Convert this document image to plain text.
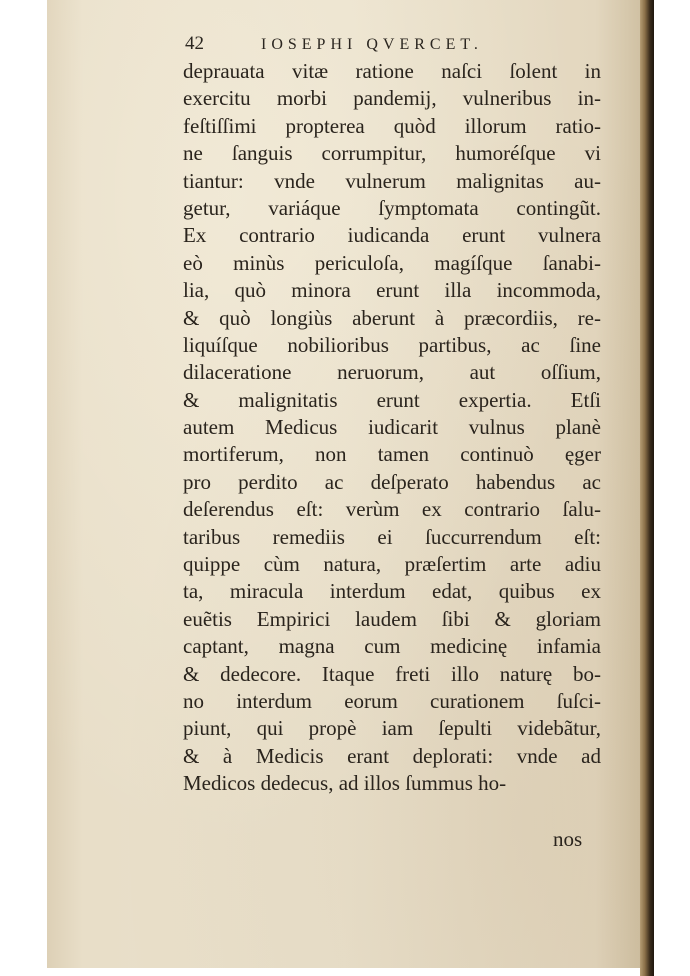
42	IOSEPHI QVERCET.
deprauata vitæ ratione naſci ſolent in
exercitu morbi pandemij, vulneribus in-
feſtiſſimi propterea quòd illorum ratio-
ne ſanguis corrumpitur, humoréſque vi
tiantur: vnde vulnerum malignitas au-
getur, variáque ſymptomata contingũt.
Ex contrario iudicanda erunt vulnera
eò minùs periculoſa, magíſque ſanabi-
lia, quò minora erunt illa incommoda,
& quò longiùs aberunt à præcordiis, re-
liquíſque nobilioribus partibus, ac ſine
dilaceratione neruorum, aut oſſium,
& malignitatis erunt expertia. Etſi
autem Medicus iudicarit vulnus planè
mortiferum, non tamen continuò ęger
pro perdito ac deſperato habendus ac
deſerendus eſt: verùm ex contrario ſalu-
taribus remediis ei ſuccurrendum eſt:
quippe cùm natura, præſertim arte adiu
ta, miracula interdum edat, quibus ex
euẽtis Empirici laudem ſibi & gloriam
captant, magna cum medicinę infamia
& dedecore. Itaque freti illo naturę bo-
no interdum eorum curationem ſuſci-
piunt, qui propè iam ſepulti videbãtur,
& à Medicis erant deplorati: vnde ad
Medicos dedecus, ad illos ſummus ho-
nos
